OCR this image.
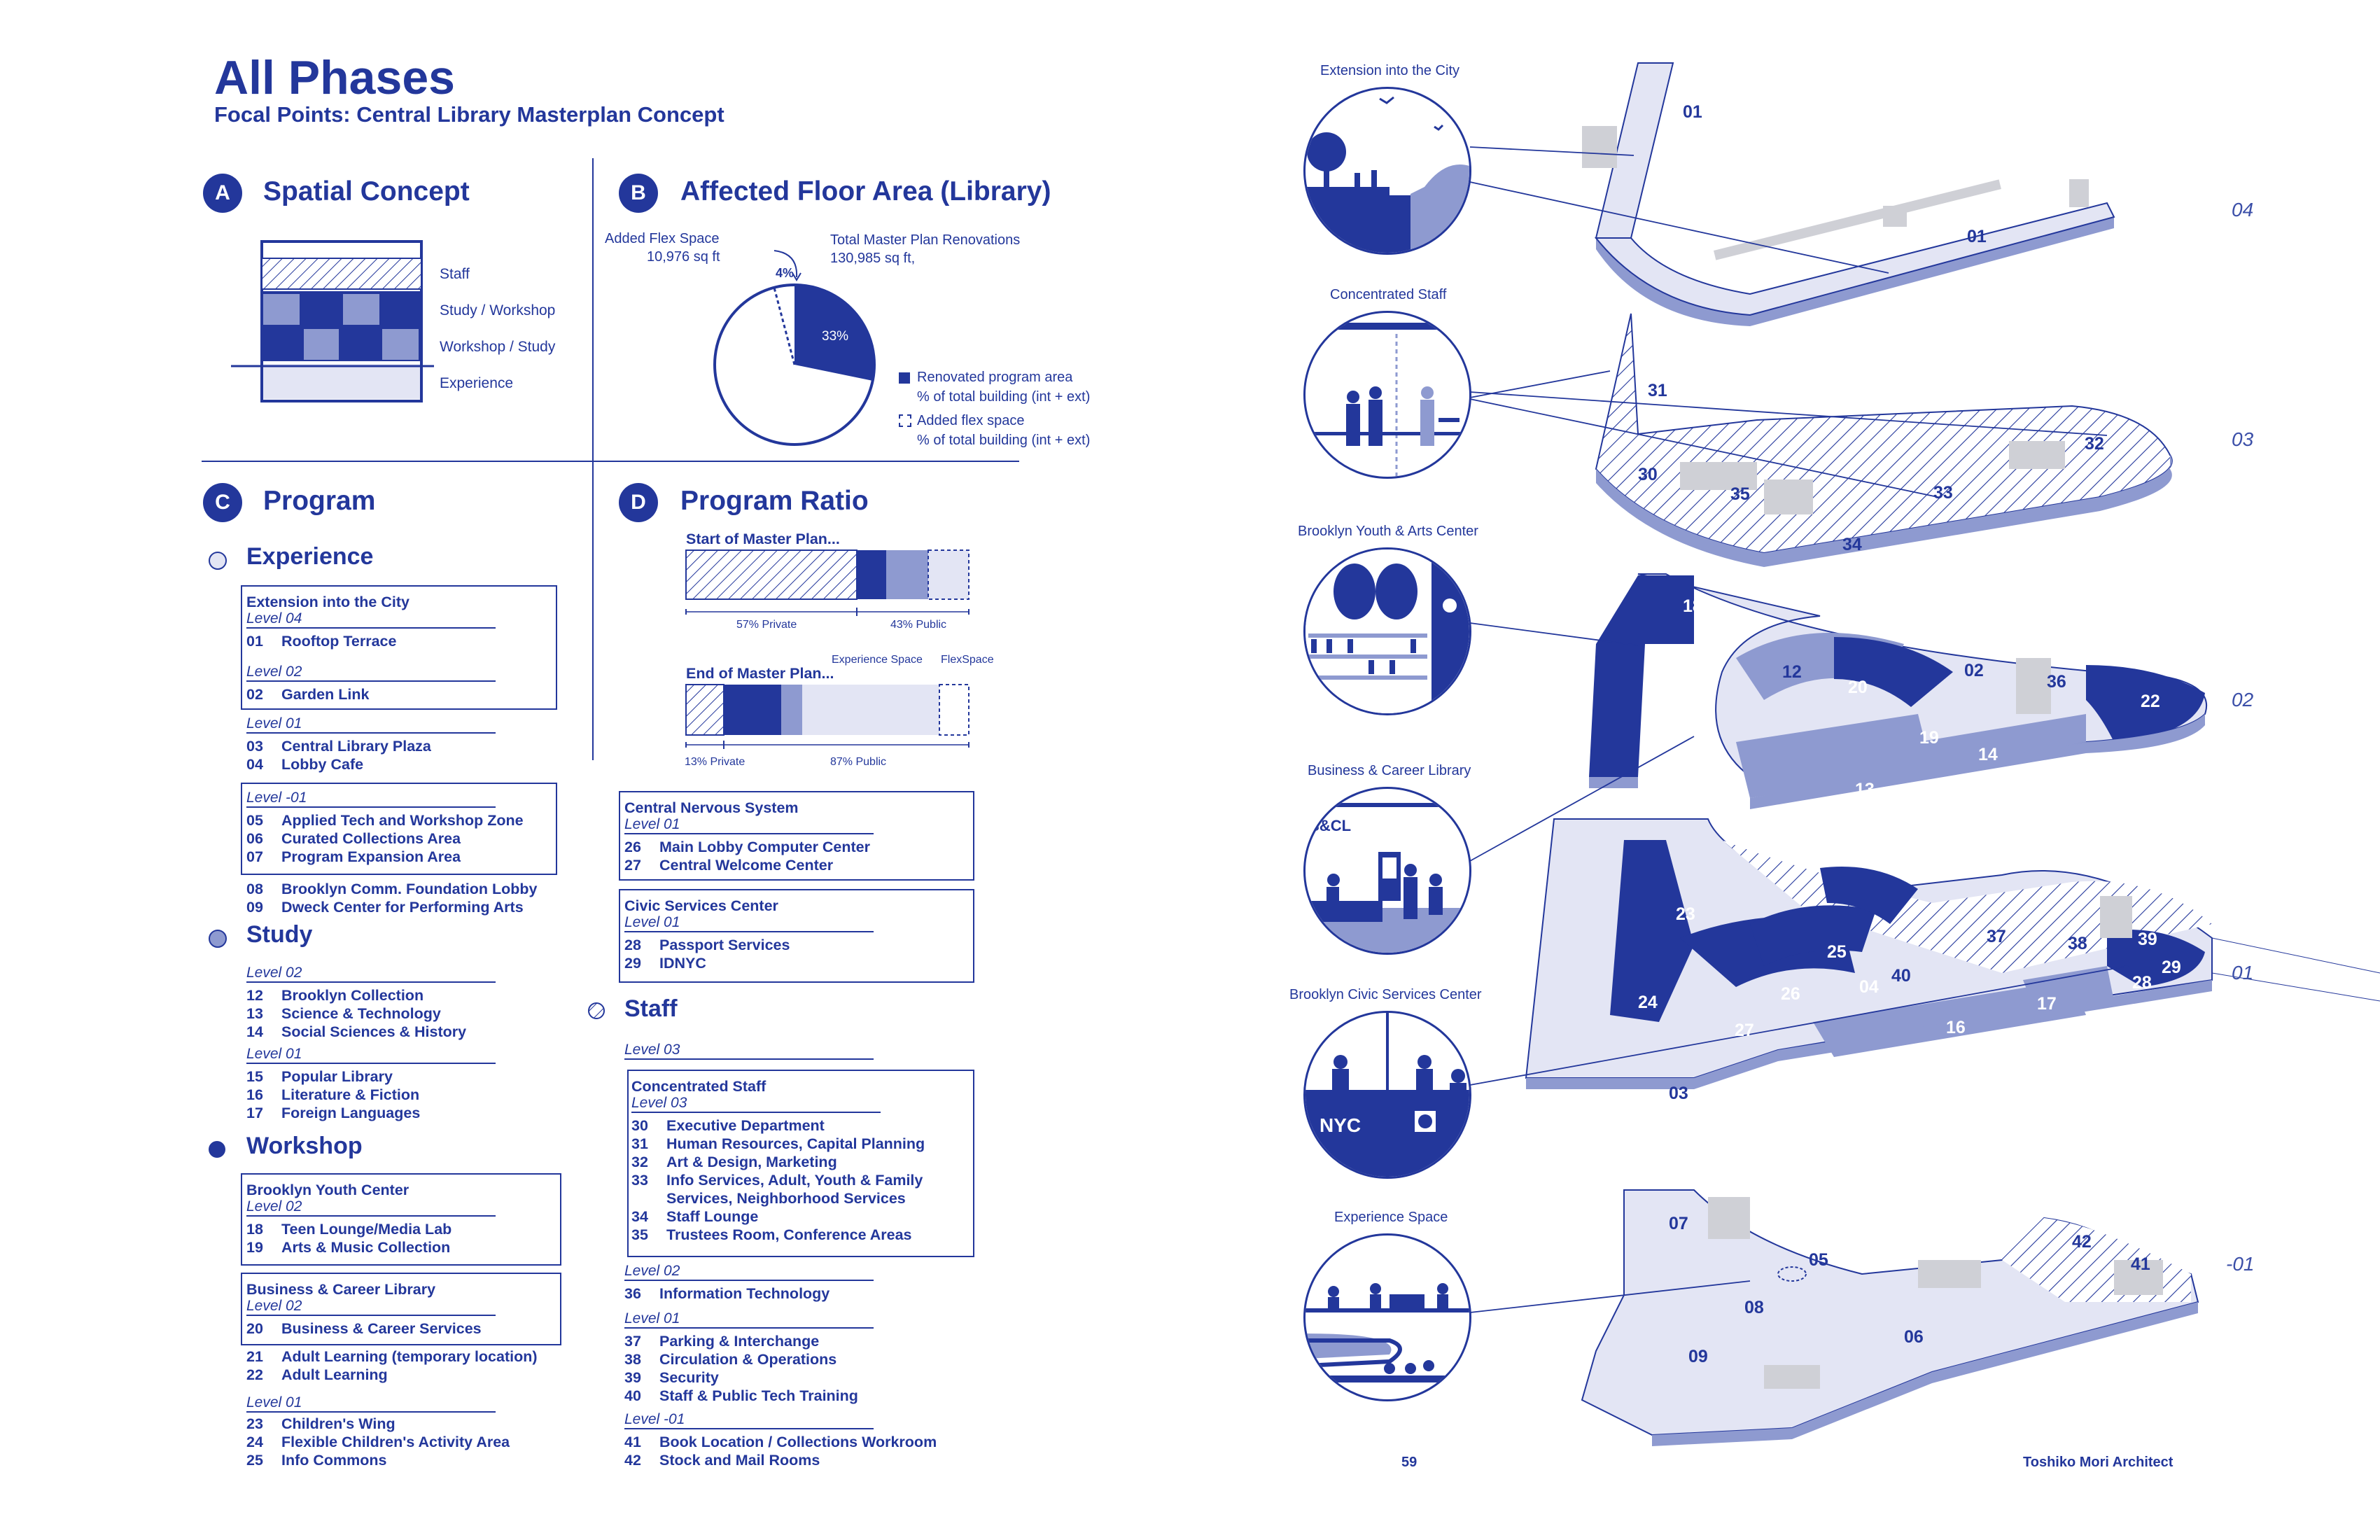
All Phases
Focal Points: Central Library Masterplan Concept
A	Spatial Concept
Staff
Study / Workshop
Workshop / Study
Experience
B	Affected Floor Area (Library)
Added Flex Space
10,976 sq ft
Total Master Plan Renovations
130,985 sq ft,
4%
33%
Renovated program area
% of total building (int + ext)
Added flex space
% of total building (int + ext)
C	Program
Experience
Extension into the City
Level 04
01 Rooftop Terrace
Level 02
02 Garden Link
Level 01
03 Central Library Plaza
04 Lobby Cafe
Level -01
05 Applied Tech and Workshop Zone
06 Curated Collections Area
07 Program Expansion Area
08 Brooklyn Comm. Foundation Lobby
09 Dweck Center for Performing Arts
Study
Level 02
12 Brooklyn Collection
13 Science & Technology
14 Social Sciences & History
Level 01
15 Popular Library
16 Literature & Fiction
17 Foreign Languages
Workshop
Brooklyn Youth Center
Level 02
18 Teen Lounge/Media Lab
19 Arts & Music Collection
Business & Career Library
Level 02
20 Business & Career Services
21 Adult Learning (temporary location)
22 Adult Learning
Level 01
23 Children's Wing
24 Flexible Children's Activity Area
25 Info Commons
D	Program Ratio
Start of Master Plan...
57% Private	43% Public
Experience Space FlexSpace
End of Master Plan...
13% Private	87% Public
Central Nervous System
Level 01
26 Main Lobby Computer Center
27 Central Welcome Center
Civic Services Center
Level 01
28 Passport Services
29 IDNYC
Staff
Level 03
Concentrated Staff
Level 03
30 Executive Department
31 Human Resources, Capital Planning
32 Art & Design, Marketing
33 Info Services, Adult, Youth & Family
Services, Neighborhood Services
34 Staff Lounge
35 Trustees Room, Conference Areas
Level 02
36 Information Technology
Level 01
37 Parking & Interchange
38 Circulation & Operations
39 Security
40 Staff & Public Tech Training
Level -01
41 Book Location / Collections Workroom
42 Stock and Mail Rooms
01
01
31
32
30
35	33
34
18
12
20
02
36
22
19
21	19
14
13
23
25
37	38	39
29
40
04
26
24
28
17
16
27
15
03
07
42
41
05
08
06
09
04
03
02
01
-01
Extension into the City
Concentrated Staff
Brooklyn Youth & Arts Center
Business & Career Library
B&CL
Brooklyn Civic Services Center
NYC
Experience Space
59	Toshiko Mori Architect
